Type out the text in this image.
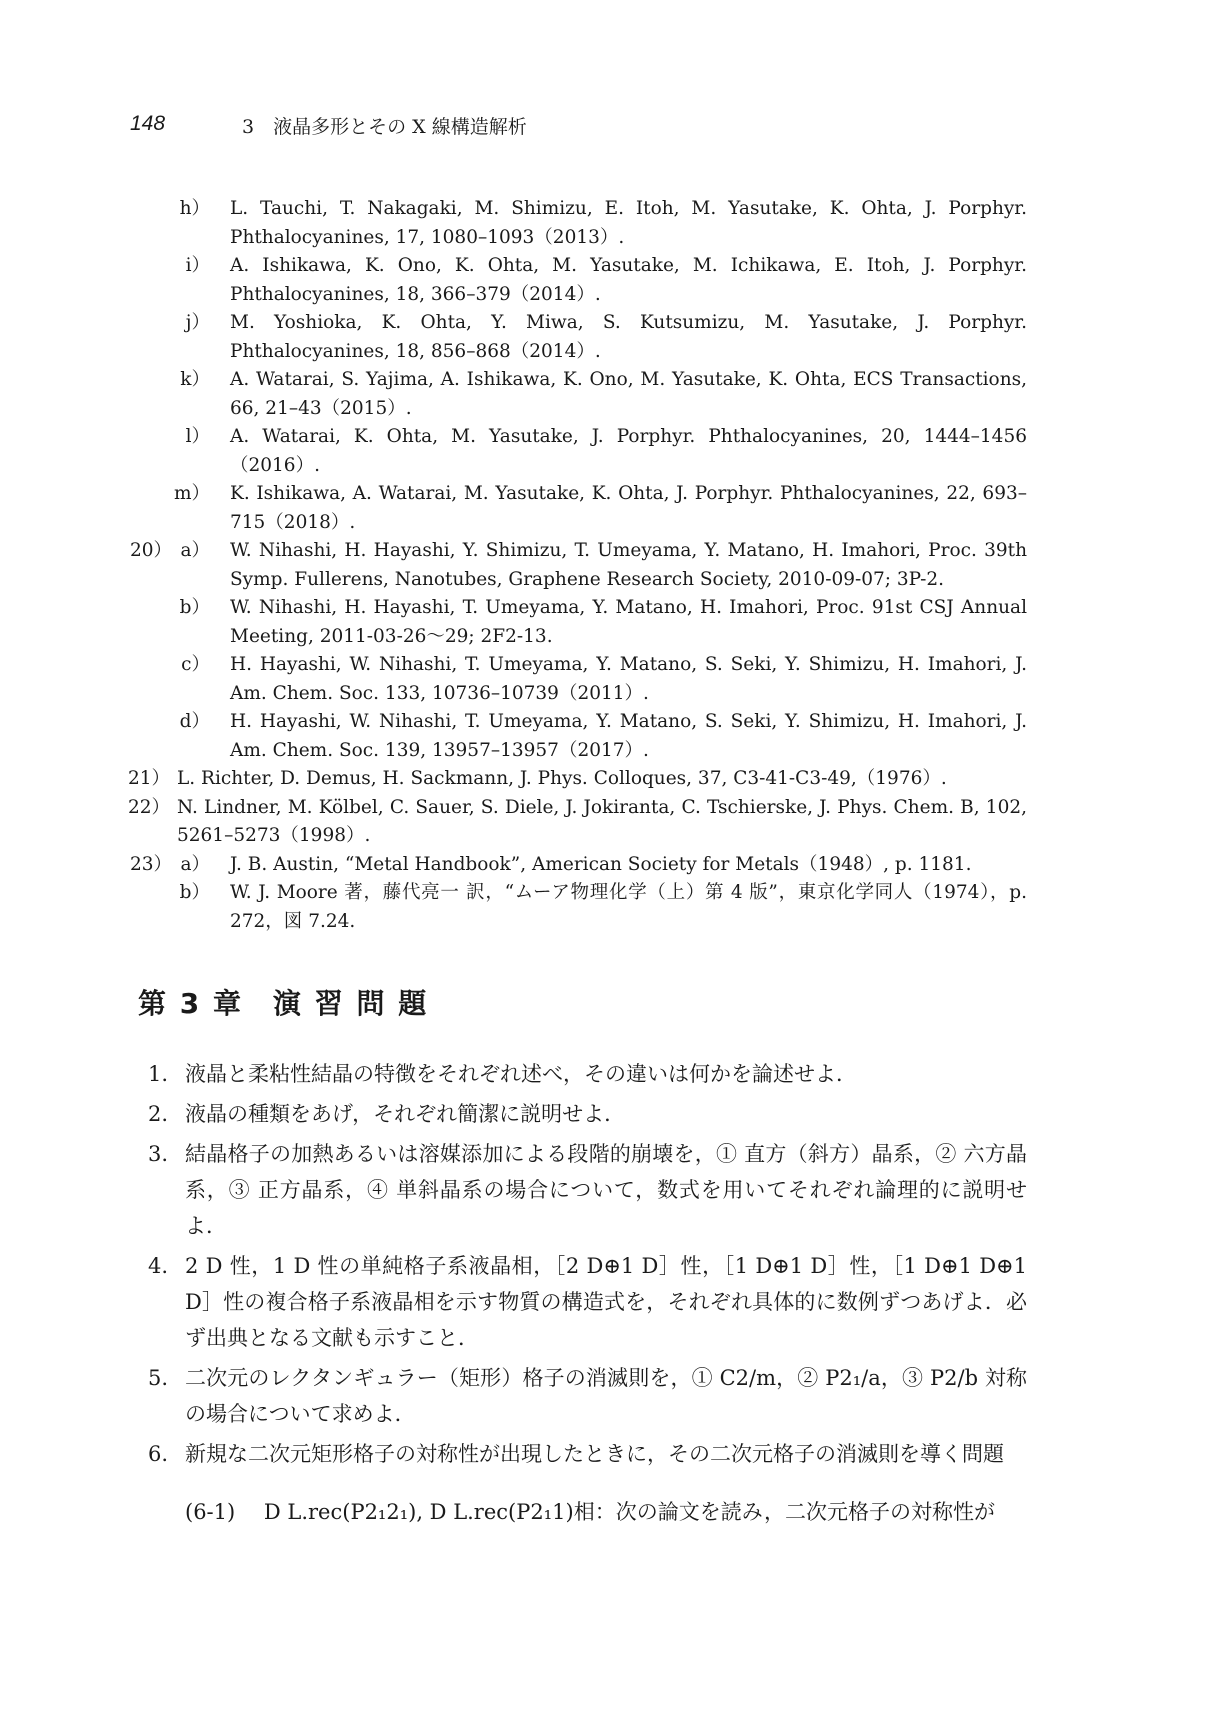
148	3　液晶多形とその X 線構造解析
h） L. Tauchi, T. Nakagaki, M. Shimizu, E. Itoh, M. Yasutake, K. Ohta, J. Porphyr. Phthalocyanines, 17, 1080–1093（2013）.
i） A. Ishikawa, K. Ono, K. Ohta, M. Yasutake, M. Ichikawa, E. Itoh, J. Porphyr. Phthalocyanines, 18, 366–379（2014）.
j） M. Yoshioka, K. Ohta, Y. Miwa, S. Kutsumizu, M. Yasutake, J. Porphyr. Phthalocyanines, 18, 856–868（2014）.
k） A. Watarai, S. Yajima, A. Ishikawa, K. Ono, M. Yasutake, K. Ohta, ECS Transactions, 66, 21–43（2015）.
l） A. Watarai, K. Ohta, M. Yasutake, J. Porphyr. Phthalocyanines, 20, 1444–1456（2016）.
m） K. Ishikawa, A. Watarai, M. Yasutake, K. Ohta, J. Porphyr. Phthalocyanines, 22, 693–715（2018）.
20） a） W. Nihashi, H. Hayashi, Y. Shimizu, T. Umeyama, Y. Matano, H. Imahori, Proc. 39th Symp. Fullerens, Nanotubes, Graphene Research Society, 2010-09-07; 3P-2.
b） W. Nihashi, H. Hayashi, T. Umeyama, Y. Matano, H. Imahori, Proc. 91st CSJ Annual Meeting, 2011-03-26～29; 2F2-13.
c） H. Hayashi, W. Nihashi, T. Umeyama, Y. Matano, S. Seki, Y. Shimizu, H. Imahori, J. Am. Chem. Soc. 133, 10736–10739（2011）.
d） H. Hayashi, W. Nihashi, T. Umeyama, Y. Matano, S. Seki, Y. Shimizu, H. Imahori, J. Am. Chem. Soc. 139, 13957–13957（2017）.
21） L. Richter, D. Demus, H. Sackmann, J. Phys. Colloques, 37, C3-41-C3-49,（1976）.
22） N. Lindner, M. Kölbel, C. Sauer, S. Diele, J. Jokiranta, C. Tschierske, J. Phys. Chem. B, 102, 5261–5273（1998）.
23） a） J. B. Austin, “Metal Handbook”, American Society for Metals（1948）, p. 1181.
b） W. J. Moore 著，藤代亮一 訳，“ムーア物理化学（上）第 4 版”，東京化学同人（1974），p. 272，図 7.24.
第 3 章　演 習 問 題
1. 液晶と柔粘性結晶の特徴をそれぞれ述べ，その違いは何かを論述せよ．
2. 液晶の種類をあげ，それぞれ簡潔に説明せよ．
3. 結晶格子の加熱あるいは溶媒添加による段階的崩壊を，① 直方（斜方）晶系，② 六方晶系，③ 正方晶系，④ 単斜晶系の場合について，数式を用いてそれぞれ論理的に説明せよ．
4. 2 D 性，1 D 性の単純格子系液晶相，［2 D⊕1 D］性，［1 D⊕1 D］性，［1 D⊕1 D⊕1 D］性の複合格子系液晶相を示す物質の構造式を，それぞれ具体的に数例ずつあげよ．必ず出典となる文献も示すこと．
5. 二次元のレクタンギュラー（矩形）格子の消滅則を，① C2/m，② P2₁/a，③ P2/b 対称の場合について求めよ．
6. 新規な二次元矩形格子の対称性が出現したときに，その二次元格子の消滅則を導く問題
(6-1) D L.rec(P2₁2₁), D L.rec(P2₁1)相：次の論文を読み，二次元格子の対称性が
